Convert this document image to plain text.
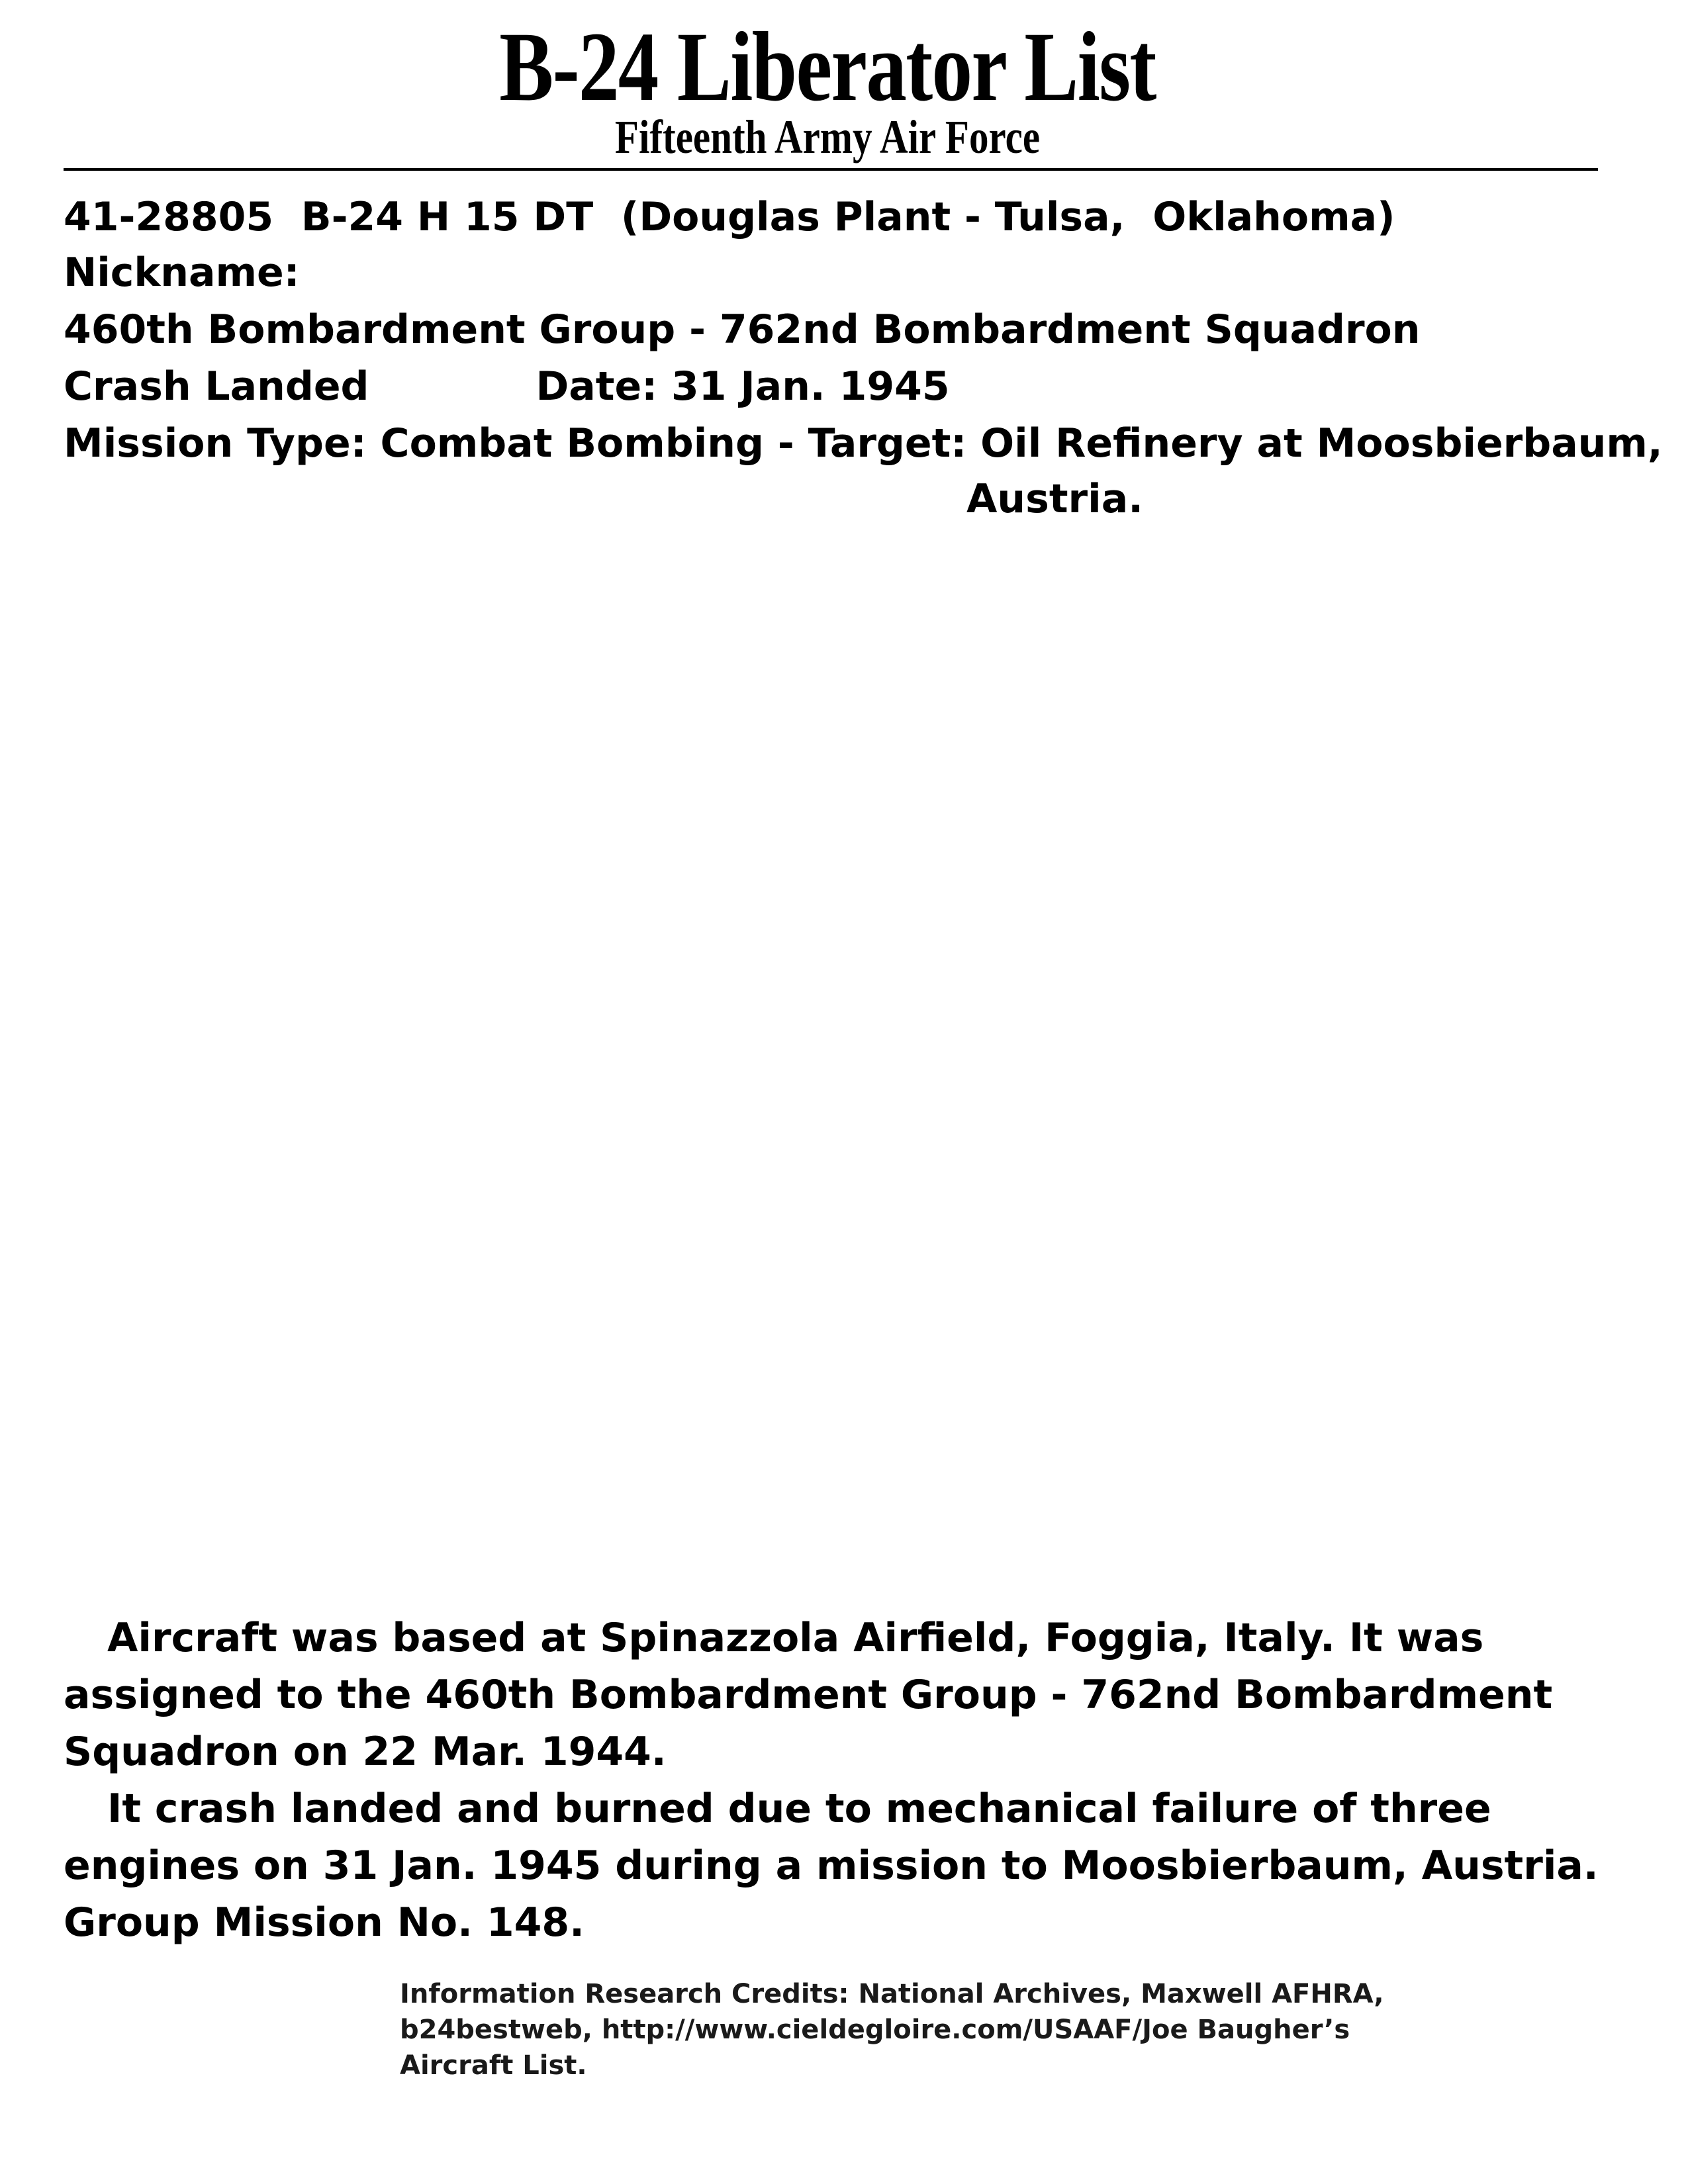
B-24 Liberator List
Fifteenth Army Air Force
41-28805  B-24 H 15 DT  (Douglas Plant - Tulsa,  Oklahoma)
Nickname:
460th Bombardment Group - 762nd Bombardment Squadron
Crash Landed	Date: 31 Jan. 1945
Mission Type: Combat Bombing - Target: Oil Refinery at Moosbierbaum,
Austria.

Aircraft was based at Spinazzola Airfield, Foggia, Italy. It was assigned to the 460th Bombardment Group - 762nd Bombardment Squadron on 22 Mar. 1944.

It crash landed and burned due to mechanical failure of three engines on 31 Jan. 1945 during a mission to Moosbierbaum, Austria. Group Mission No. 148.

Information Research Credits: National Archives, Maxwell AFHRA, b24bestweb, http://www.cieldegloire.com/USAAF/Joe Baugher’s Aircraft List.
